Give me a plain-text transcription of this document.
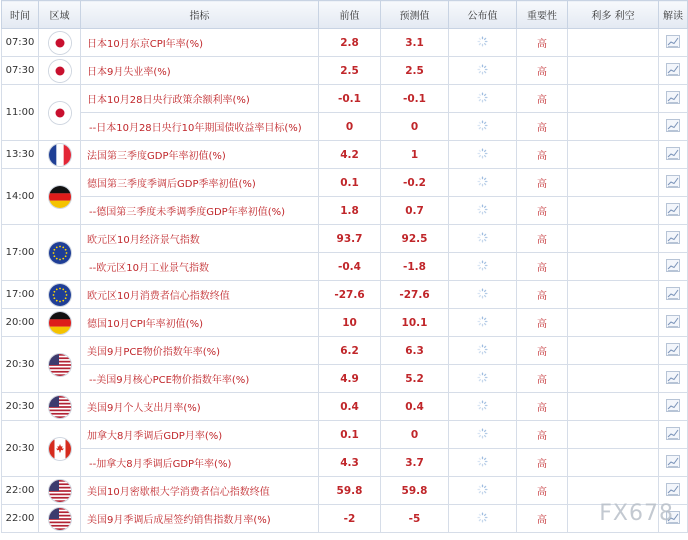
时间	区域	指标	前值	预测值	公布值	重要性	利多 利空	解读
07:30		日本10月东京CPI年率(%)	2.8	3.1		高		
07:30		日本9月失业率(%)	2.5	2.5		高		
11:00		日本10月28日央行政策余额利率(%)	-0.1	-0.1		高		
		--日本10月28日央行10年期国债收益率目标(%)	0	0		高		
13:30		法国第三季度GDP年率初值(%)	4.2	1		高		
14:00		德国第三季度季调后GDP季率初值(%)	0.1	-0.2		高		
		--德国第三季度未季调季度GDP年率初值(%)	1.8	0.7		高		
17:00		欧元区10月经济景气指数	93.7	92.5		高		
		--欧元区10月工业景气指数	-0.4	-1.8		高		
17:00		欧元区10月消费者信心指数终值	-27.6	-27.6		高		
20:00		德国10月CPI年率初值(%)	10	10.1		高		
20:30		美国9月PCE物价指数年率(%)	6.2	6.3		高		
		--美国9月核心PCE物价指数年率(%)	4.9	5.2		高		
20:30		美国9月个人支出月率(%)	0.4	0.4		高		
20:30		加拿大8月季调后GDP月率(%)	0.1	0		高		
		--加拿大8月季调后GDP年率(%)	4.3	3.7		高		
22:00		美国10月密歇根大学消费者信心指数终值	59.8	59.8		高		
22:00		美国9月季调后成屋签约销售指数月率(%)	-2	-5		高		FX678
